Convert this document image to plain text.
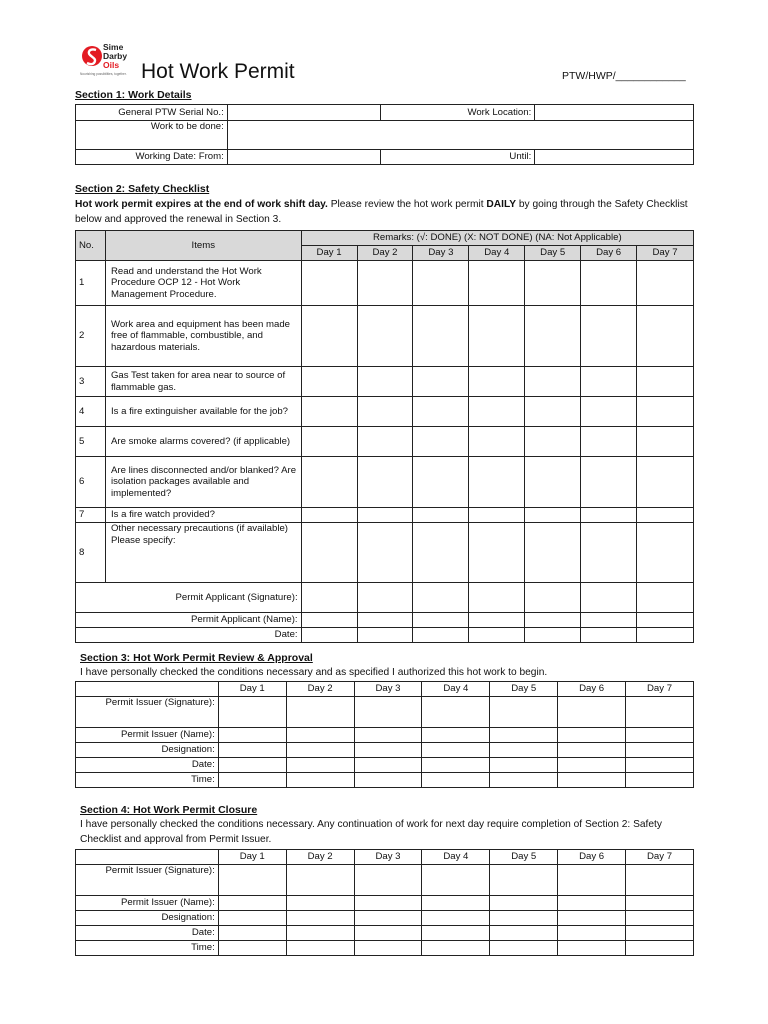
Sime
Darby
Oils
Nourishing possibilities, together. Hot Work Permit	PTW/HWP/____________
Section 1: Work Details
General PTW Serial No.:		Work Location:	
Work to be done:			
Working Date: From:		Until:	
Section 2: Safety Checklist
Hot work permit expires at the end of work shift day. Please review the hot work permit DAILY by going through the Safety Checklist below and approved the renewal in Section 3.
No.	Items	Remarks: (√: DONE) (X: NOT DONE) (NA: Not Applicable)						
		Day 1	Day 2	Day 3	Day 4	Day 5	Day 6	Day 7
1	Read and understand the Hot Work Procedure OCP 12 - Hot Work Management Procedure.							
2	Work area and equipment has been made free of flammable, combustible, and hazardous materials.							
3	Gas Test taken for area near to source of flammable gas.							
4	Is a fire extinguisher available for the job?							
5	Are smoke alarms covered? (if applicable)							
6	Are lines disconnected and/or blanked? Are isolation packages available and implemented?							
7	Is a fire watch provided?							
8	Other necessary precautions (if available)
Please specify:							
Permit Applicant (Signature):								
Permit Applicant (Name):								
Date:								
Section 3: Hot Work Permit Review & Approval
I have personally checked the conditions necessary and as specified I authorized this hot work to begin.
	Day 1	Day 2	Day 3	Day 4	Day 5	Day 6	Day 7
Permit Issuer (Signature):							
Permit Issuer (Name):							
Designation:							
Date:							
Time:							
Section 4: Hot Work Permit Closure
I have personally checked the conditions necessary. Any continuation of work for next day require completion of Section 2: Safety Checklist and approval from Permit Issuer.
	Day 1	Day 2	Day 3	Day 4	Day 5	Day 6	Day 7
Permit Issuer (Signature):							
Permit Issuer (Name):							
Designation:							
Date:							
Time:							
